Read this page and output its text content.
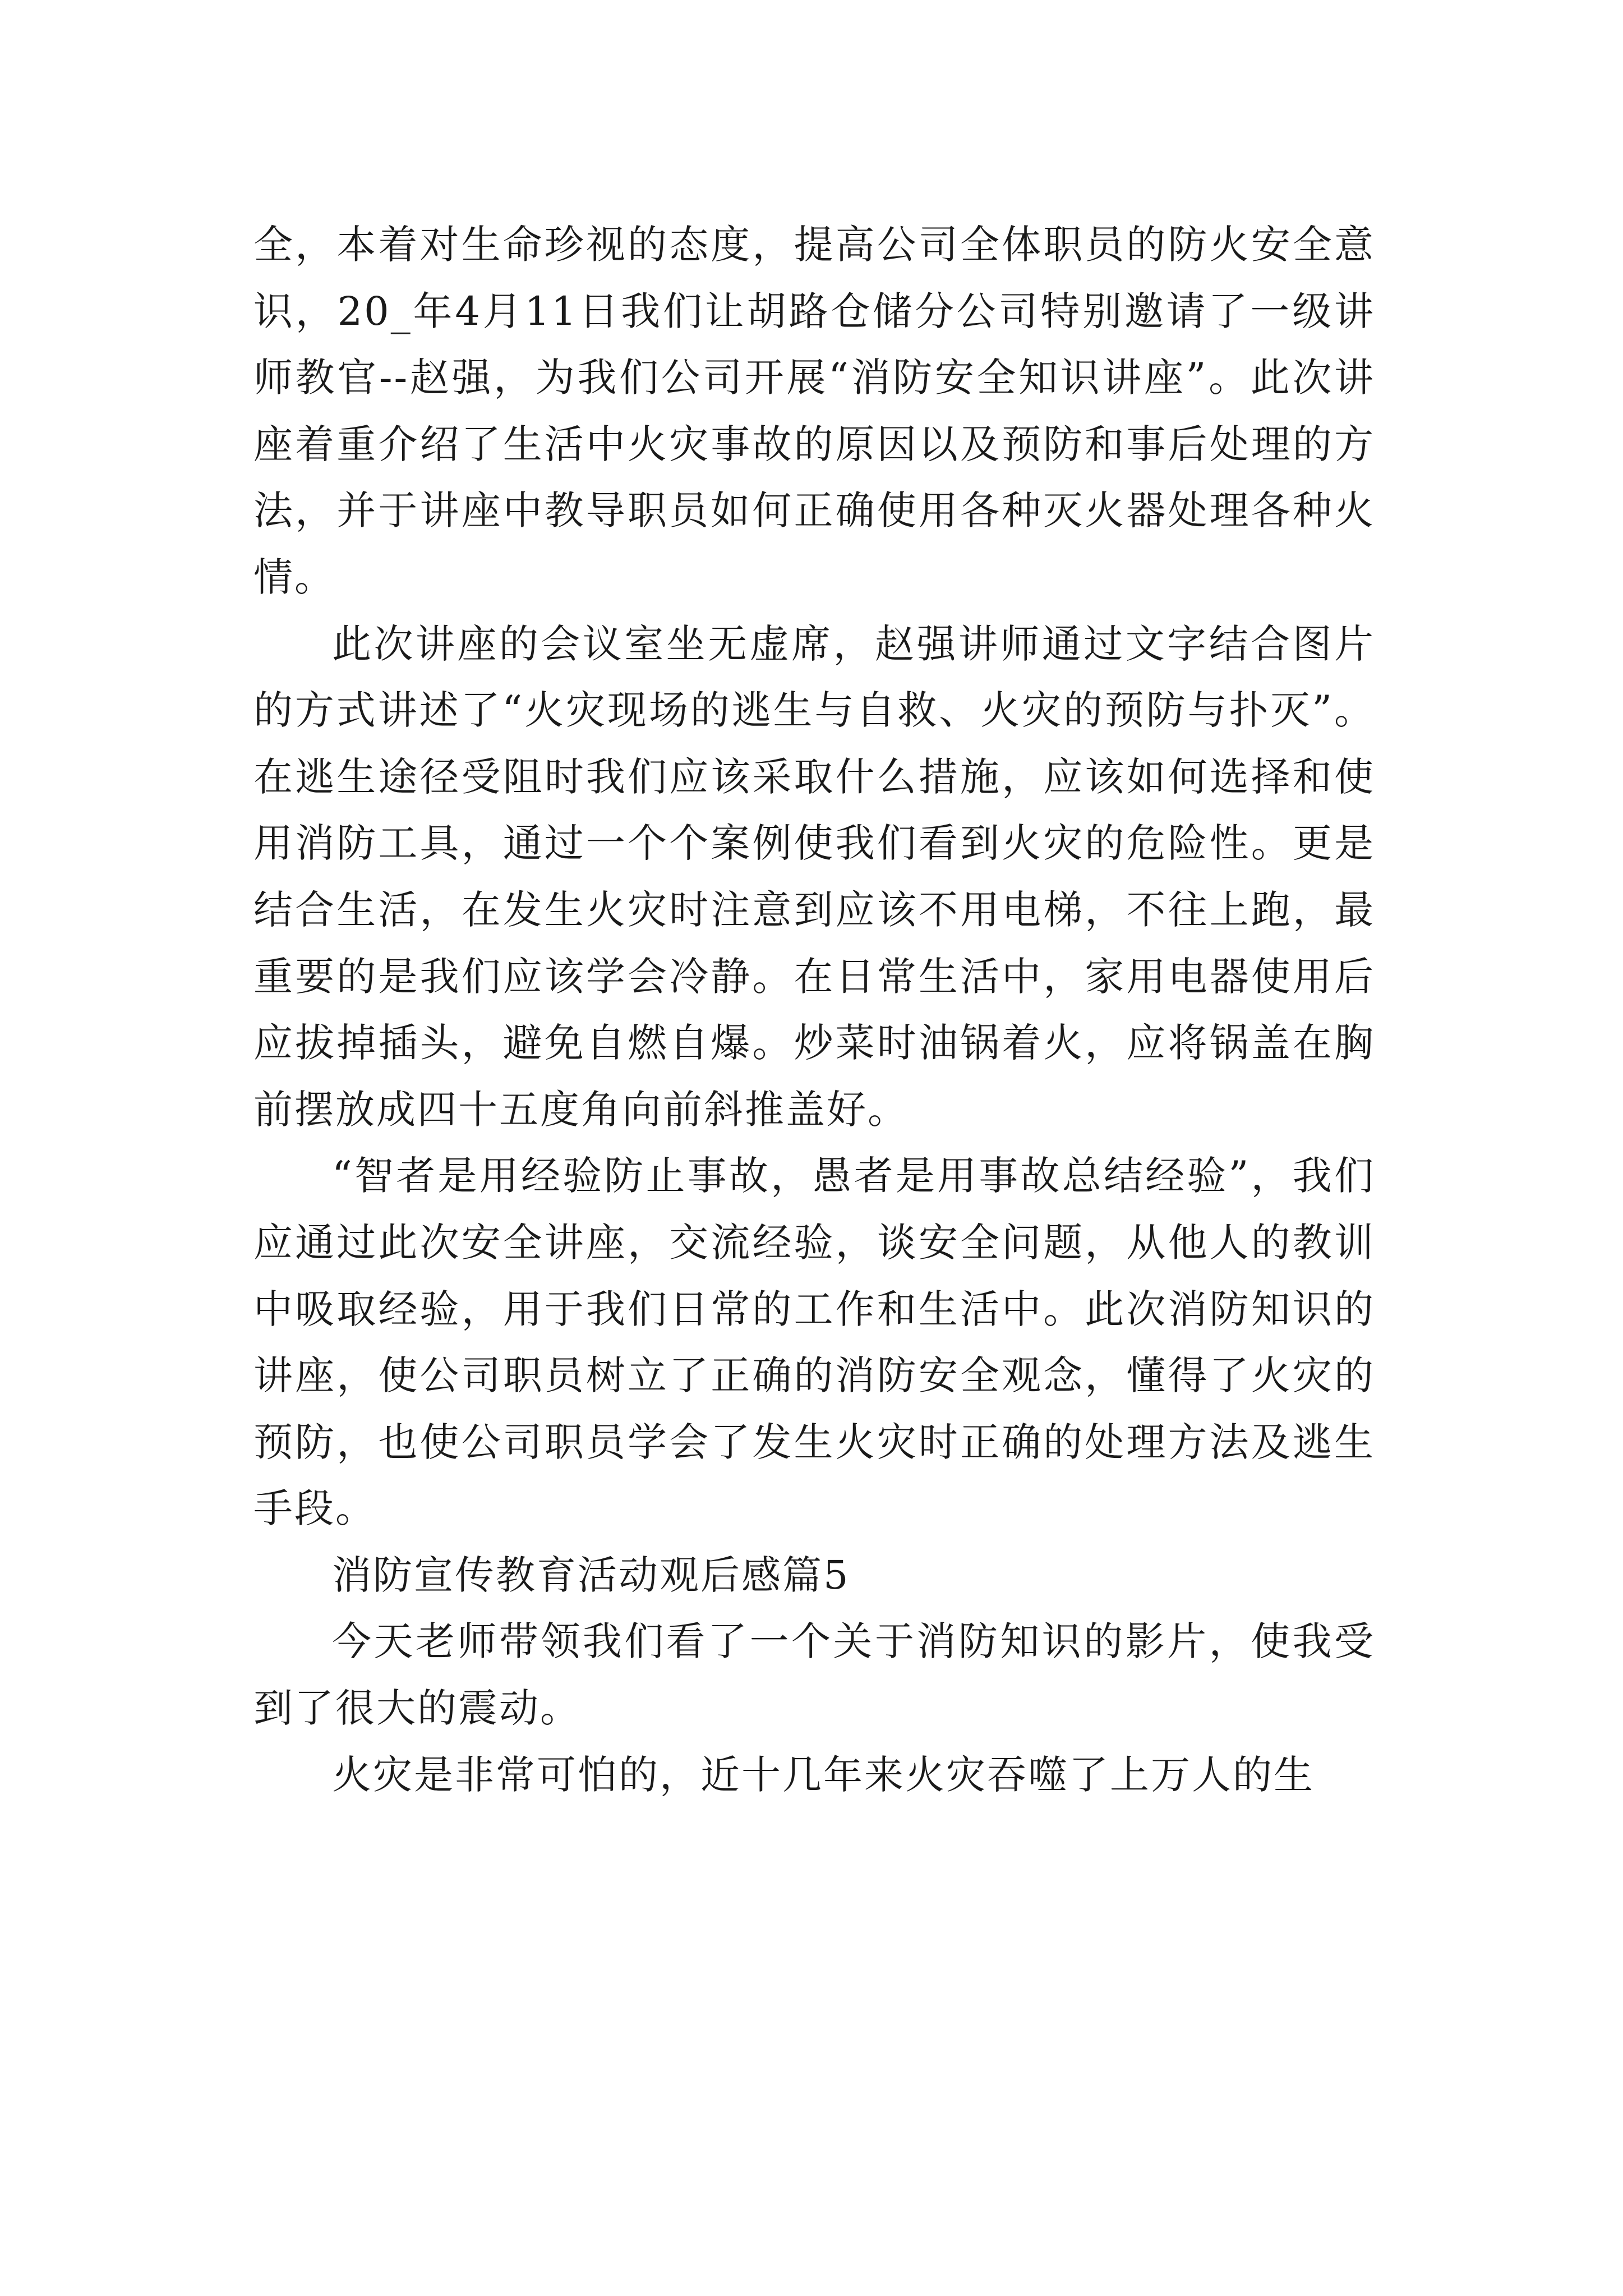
全，本着对生命珍视的态度，提高公司全体职员的防火安全意识，20_年4月11日我们让胡路仓储分公司特别邀请了一级讲师教官--赵强，为我们公司开展“消防安全知识讲座”。此次讲座着重介绍了生活中火灾事故的原因以及预防和事后处理的方法，并于讲座中教导职员如何正确使用各种灭火器处理各种火情。

此次讲座的会议室坐无虚席，赵强讲师通过文字结合图片的方式讲述了“火灾现场的逃生与自救、火灾的预防与扑灭”。在逃生途径受阻时我们应该采取什么措施，应该如何选择和使用消防工具，通过一个个案例使我们看到火灾的危险性。更是结合生活，在发生火灾时注意到应该不用电梯，不往上跑，最重要的是我们应该学会冷静。在日常生活中，家用电器使用后应拔掉插头，避免自燃自爆。炒菜时油锅着火，应将锅盖在胸前摆放成四十五度角向前斜推盖好。

“智者是用经验防止事故，愚者是用事故总结经验”，我们应通过此次安全讲座，交流经验，谈安全问题，从他人的教训中吸取经验，用于我们日常的工作和生活中。此次消防知识的讲座，使公司职员树立了正确的消防安全观念，懂得了火灾的预防，也使公司职员学会了发生火灾时正确的处理方法及逃生手段。

消防宣传教育活动观后感篇5

今天老师带领我们看了一个关于消防知识的影片，使我受到了很大的震动。

火灾是非常可怕的，近十几年来火灾吞噬了上万人的生
